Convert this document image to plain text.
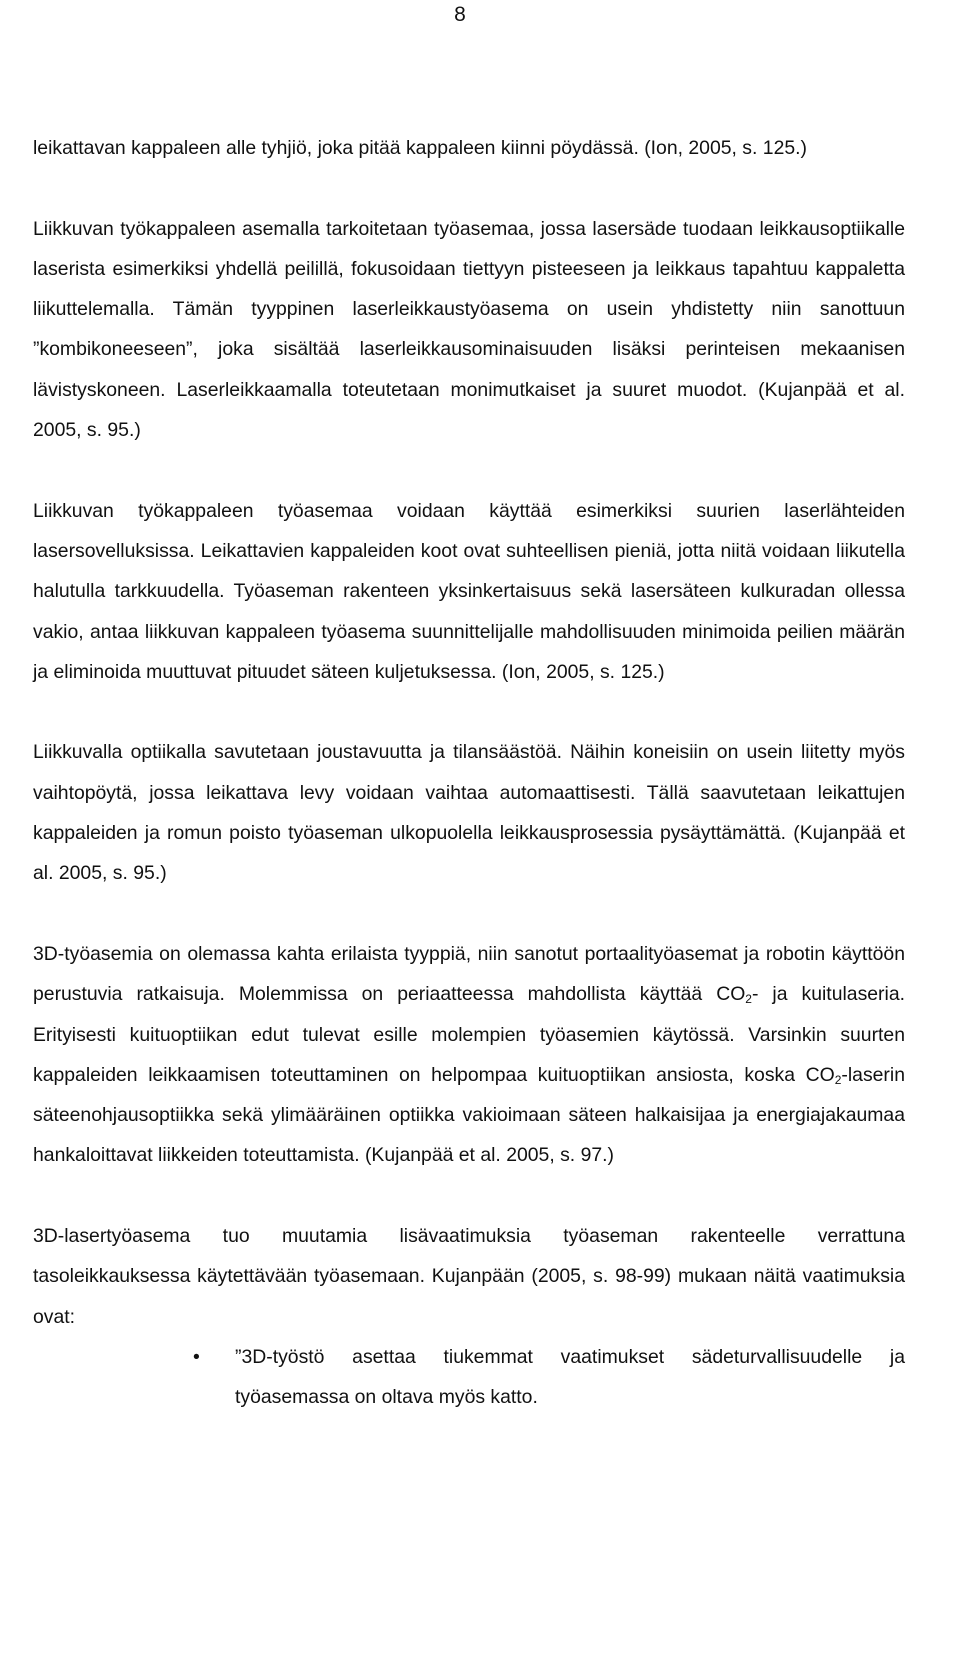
8

leikattavan kappaleen alle tyhjiö, joka pitää kappaleen kiinni pöydässä. (Ion, 2005, s. 125.)

Liikkuvan työkappaleen asemalla tarkoitetaan työasemaa, jossa lasersäde tuodaan leikkausoptiikalle laserista esimerkiksi yhdellä peilillä, fokusoidaan tiettyyn pisteeseen ja leikkaus tapahtuu kappaletta liikuttelemalla. Tämän tyyppinen laserleikkaustyöasema on usein yhdistetty niin sanottuun ”kombikoneeseen”, joka sisältää laserleikkausominaisuuden lisäksi perinteisen mekaanisen lävistyskoneen. Laserleikkaamalla toteutetaan monimutkaiset ja suuret muodot. (Kujanpää et al. 2005, s. 95.)

Liikkuvan työkappaleen työasemaa voidaan käyttää esimerkiksi suurien laserlähteiden lasersovelluksissa. Leikattavien kappaleiden koot ovat suhteellisen pieniä, jotta niitä voidaan liikutella halutulla tarkkuudella. Työaseman rakenteen yksinkertaisuus sekä lasersäteen kulkuradan ollessa vakio, antaa liikkuvan kappaleen työasema suunnittelijalle mahdollisuuden minimoida peilien määrän ja eliminoida muuttuvat pituudet säteen kuljetuksessa. (Ion, 2005, s. 125.)

Liikkuvalla optiikalla savutetaan joustavuutta ja tilansäästöä. Näihin koneisiin on usein liitetty myös vaihtopöytä, jossa leikattava levy voidaan vaihtaa automaattisesti. Tällä saavutetaan leikattujen kappaleiden ja romun poisto työaseman ulkopuolella leikkausprosessia pysäyttämättä. (Kujanpää et al. 2005, s. 95.)

3D-työasemia on olemassa kahta erilaista tyyppiä, niin sanotut portaalityöasemat ja robotin käyttöön perustuvia ratkaisuja. Molemmissa on periaatteessa mahdollista käyttää $CO_2-$ ja kuitulaseria. Erityisesti kuituoptiikan edut tulevat esille molempien työasemien käytössä. Varsinkin suurten kappaleiden leikkaamisen toteuttaminen on helpompaa kuituoptiikan ansiosta, koska $CO_2$-laserin säteenohjausoptiikka sekä ylimääräinen optiikka vakioimaan säteen halkaisijaa ja energiajakaumaa hankaloittavat liikkeiden toteuttamista. (Kujanpää et al. 2005, s. 97.)

3D-lasertyöasema tuo muutamia lisävaatimuksia työaseman rakenteelle verrattuna tasoleikkauksessa käytettävään työasemaan. Kujanpään (2005, s. 98-99) mukaan näitä vaatimuksia ovat:

• ”3D-työstö asettaa tiukemmat vaatimukset sädeturvallisuudelle ja työasemassa on oltava myös katto.
